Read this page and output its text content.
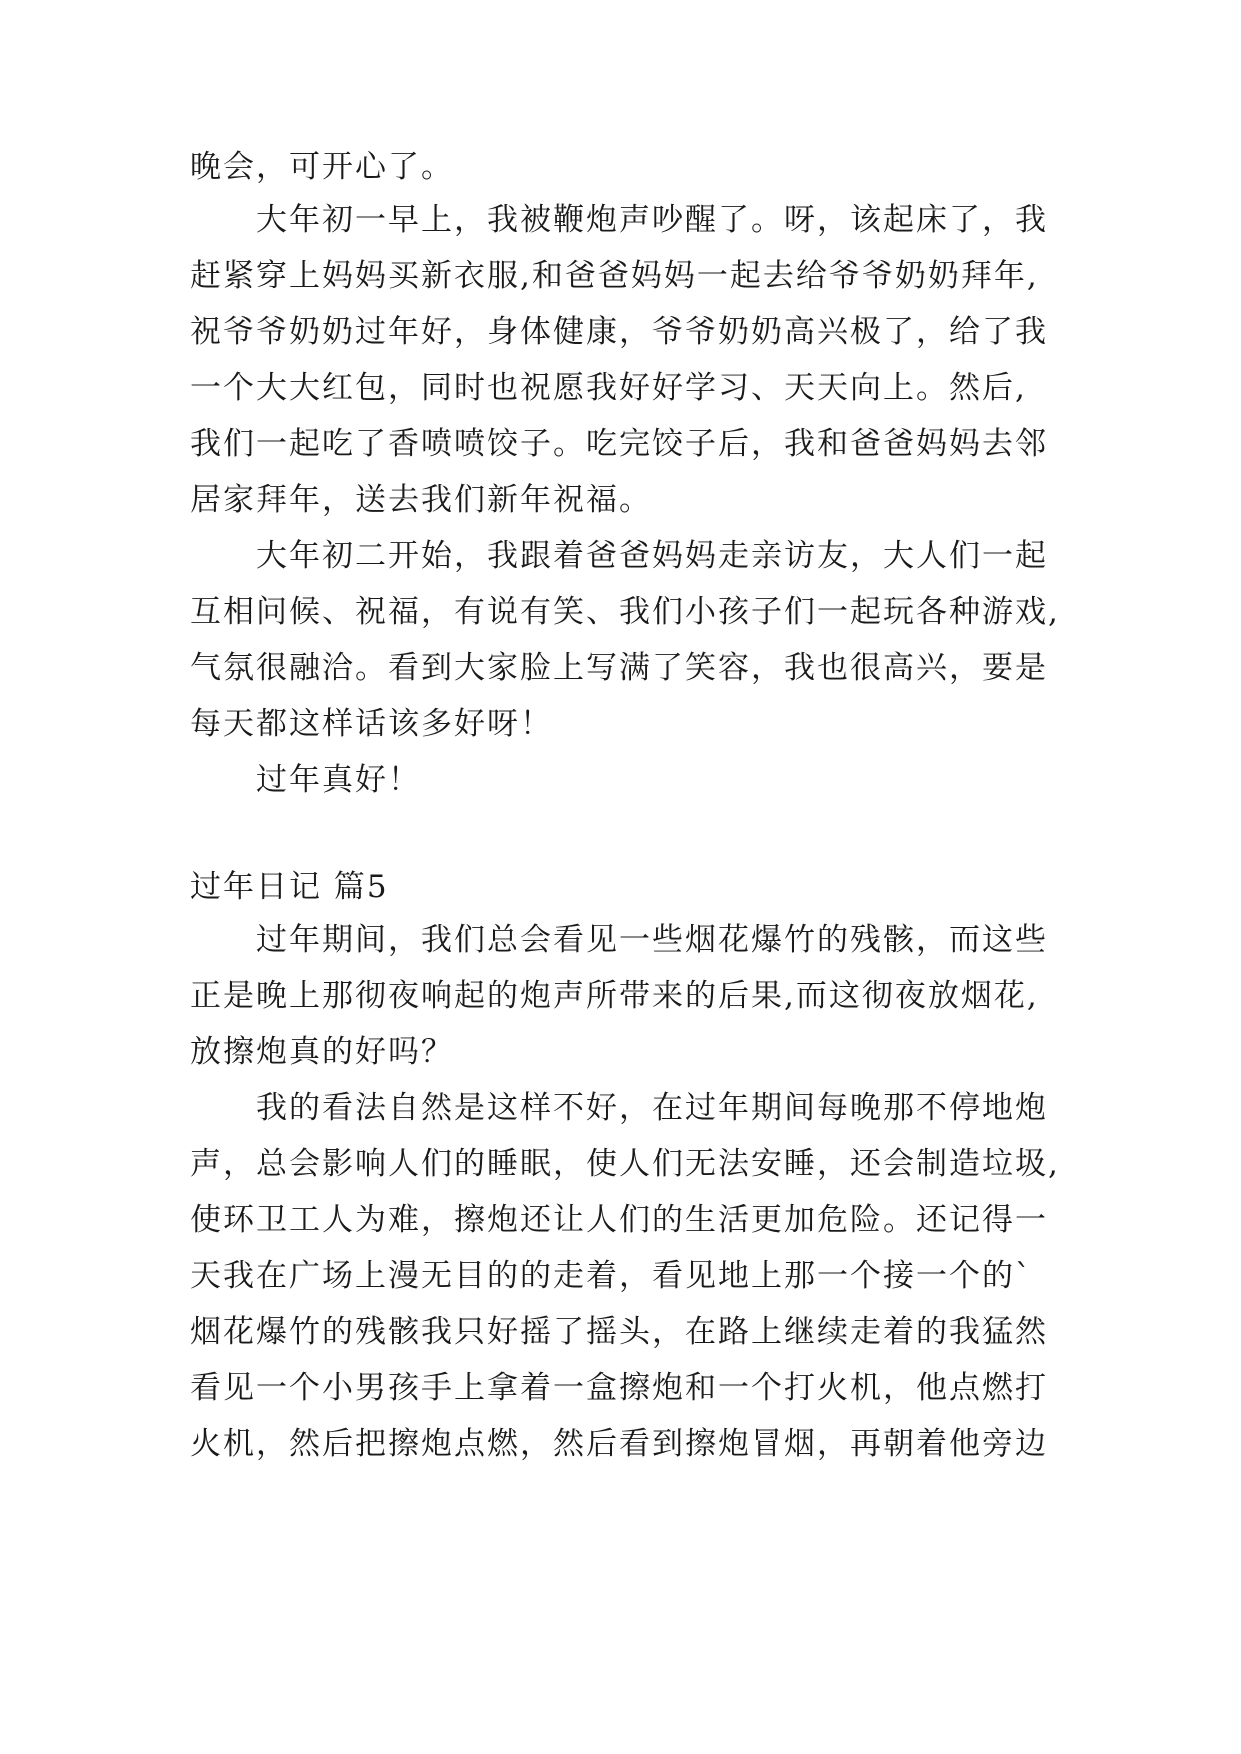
晚会，可开心了。
大年初一早上，我被鞭炮声吵醒了。呀，该起床了，我
赶紧穿上妈妈买新衣服,和爸爸妈妈一起去给爷爷奶奶拜年,
祝爷爷奶奶过年好，身体健康，爷爷奶奶高兴极了，给了我
一个大大红包，同时也祝愿我好好学习、天天向上。然后,
我们一起吃了香喷喷饺子。吃完饺子后，我和爸爸妈妈去邻
居家拜年，送去我们新年祝福。
大年初二开始，我跟着爸爸妈妈走亲访友，大人们一起
互相问候、祝福，有说有笑、我们小孩子们一起玩各种游戏,
气氛很融洽。看到大家脸上写满了笑容，我也很高兴，要是
每天都这样话该多好呀！
过年真好！
过年日记 篇5
过年期间，我们总会看见一些烟花爆竹的残骸，而这些
正是晚上那彻夜响起的炮声所带来的后果,而这彻夜放烟花,
放擦炮真的好吗？
我的看法自然是这样不好，在过年期间每晚那不停地炮
声，总会影响人们的睡眠，使人们无法安睡，还会制造垃圾,
使环卫工人为难，擦炮还让人们的生活更加危险。还记得一
天我在广场上漫无目的的走着，看见地上那一个接一个的`
烟花爆竹的残骸我只好摇了摇头，在路上继续走着的我猛然
看见一个小男孩手上拿着一盒擦炮和一个打火机，他点燃打
火机，然后把擦炮点燃，然后看到擦炮冒烟，再朝着他旁边
